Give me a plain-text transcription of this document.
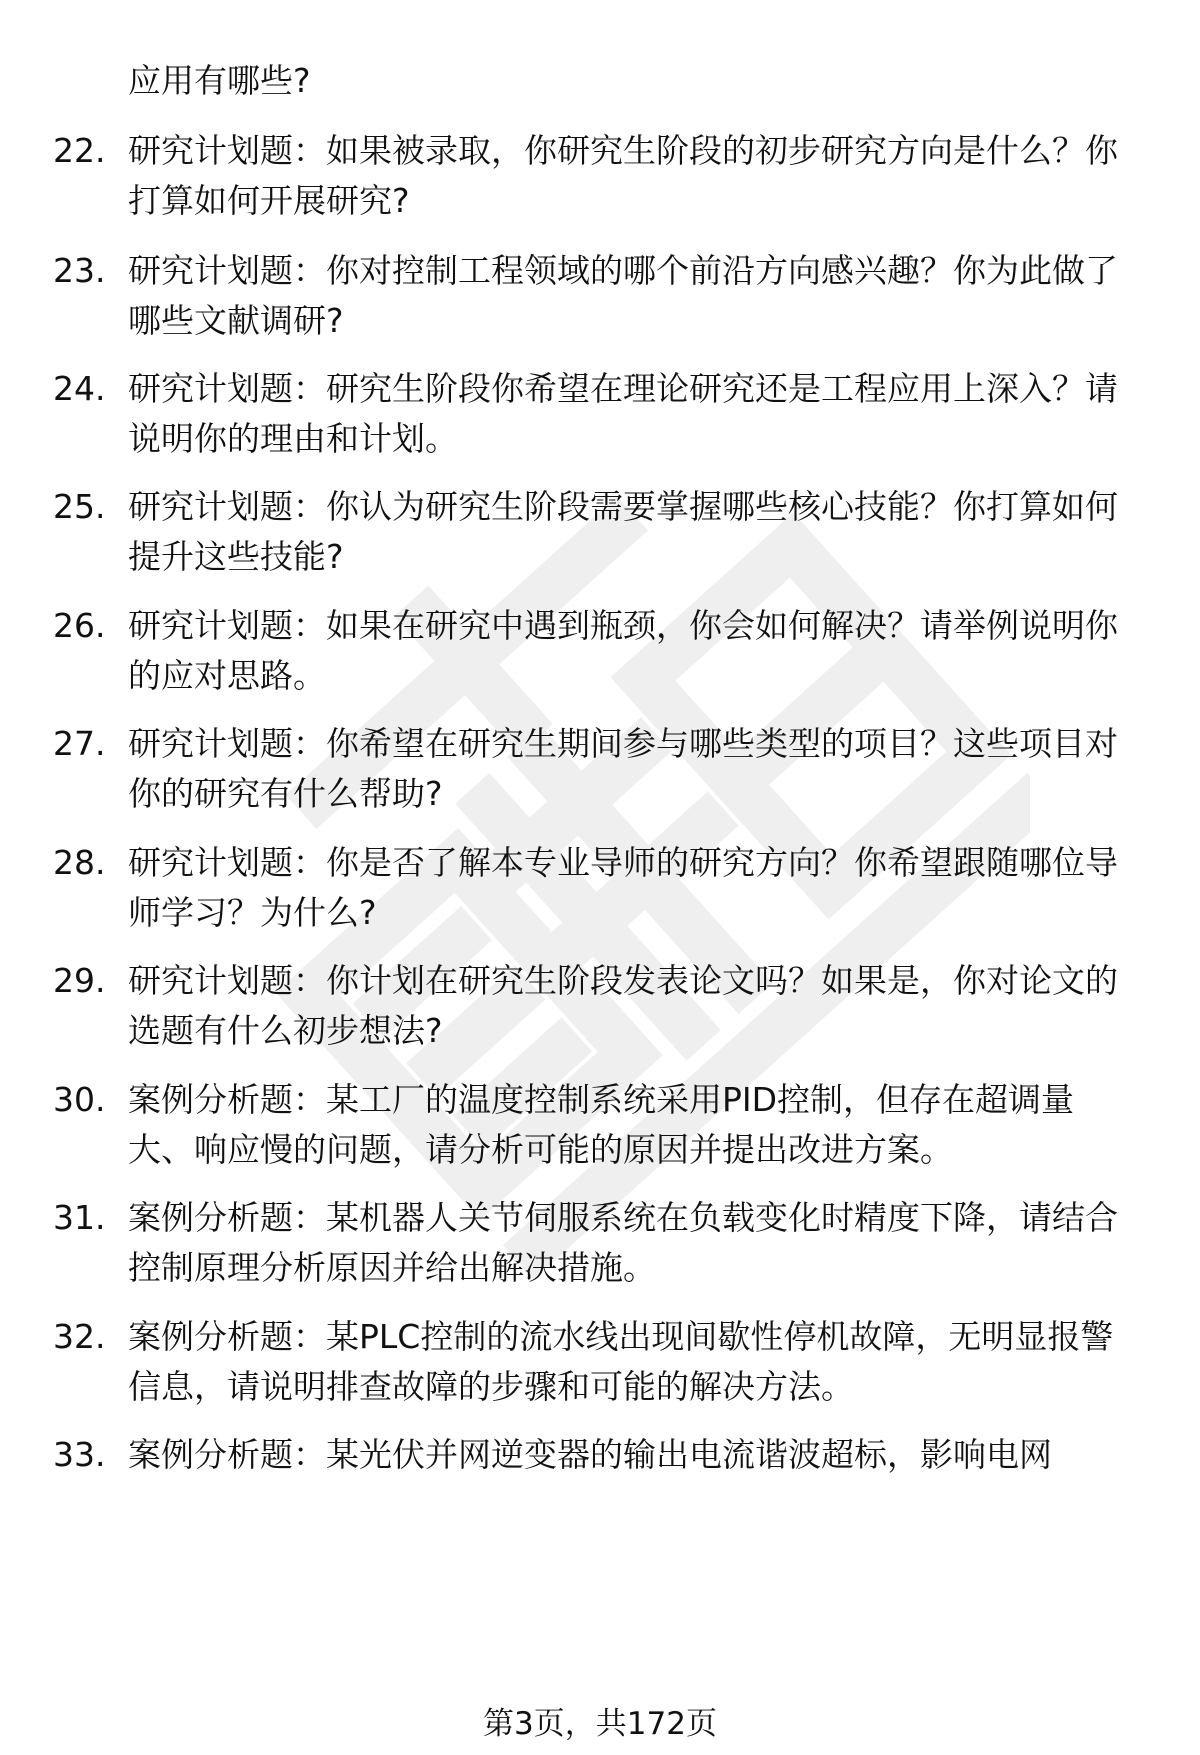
应用有哪些?
22. 研究计划题：如果被录取，你研究生阶段的初步研究方向是什么？你打算如何开展研究?
23. 研究计划题：你对控制工程领域的哪个前沿方向感兴趣？你为此做了哪些文献调研?
24. 研究计划题：研究生阶段你希望在理论研究还是工程应用上深入？请说明你的理由和计划。
25. 研究计划题：你认为研究生阶段需要掌握哪些核心技能？你打算如何提升这些技能?
26. 研究计划题：如果在研究中遇到瓶颈，你会如何解决？请举例说明你的应对思路。
27. 研究计划题：你希望在研究生期间参与哪些类型的项目？这些项目对你的研究有什么帮助?
28. 研究计划题：你是否了解本专业导师的研究方向？你希望跟随哪位导师学习？为什么?
29. 研究计划题：你计划在研究生阶段发表论文吗？如果是，你对论文的选题有什么初步想法?
30. 案例分析题：某工厂的温度控制系统采用PID控制，但存在超调量大、响应慢的问题，请分析可能的原因并提出改进方案。
31. 案例分析题：某机器人关节伺服系统在负载变化时精度下降，请结合控制原理分析原因并给出解决措施。
32. 案例分析题：某PLC控制的流水线出现间歇性停机故障，无明显报警信息，请说明排查故障的步骤和可能的解决方法。
33. 案例分析题：某光伏并网逆变器的输出电流谐波超标，影响电网
第3页，共172页
